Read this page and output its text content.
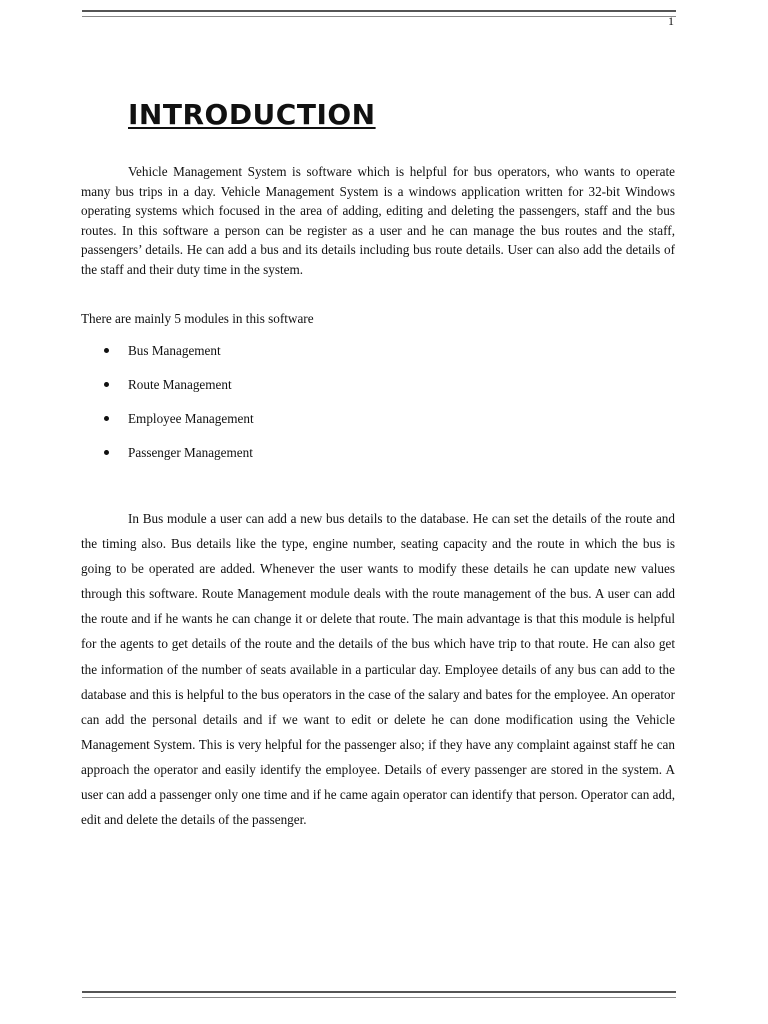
1
INTRODUCTION

Vehicle Management System is software which is helpful for bus operators, who wants to operate many bus trips in a day. Vehicle Management System is a windows application written for 32-bit Windows operating systems which focused in the area of adding, editing and deleting the passengers, staff and the bus routes. In this software a person can be register as a user and he can manage the bus routes and the staff, passengers’ details. He can add a bus and its details including bus route details. User can also add the details of the staff and their duty time in the system.

There are mainly 5 modules in this software

Bus Management
Route Management
Employee Management
Passenger Management

In Bus module a user can add a new bus details to the database. He can set the details of the route and the timing also. Bus details like the type, engine number, seating capacity and the route in which the bus is going to be operated are added. Whenever the user wants to modify these details he can update new values through this software. Route Management module deals with the route management of the bus. A user can add the route and if he wants he can change it or delete that route. The main advantage is that this module is helpful for the agents to get details of the route and the details of the bus which have trip to that route. He can also get the information of the number of seats available in a particular day. Employee details of any bus can add to the database and this is helpful to the bus operators in the case of the salary and bates for the employee. An operator can add the personal details and if we want to edit or delete he can done modification using the Vehicle Management System. This is very helpful for the passenger also; if they have any complaint against staff he can approach the operator and easily identify the employee. Details of every passenger are stored in the system. A user can add a passenger only one time and if he came again operator can identify that person. Operator can add, edit and delete the details of the passenger.
